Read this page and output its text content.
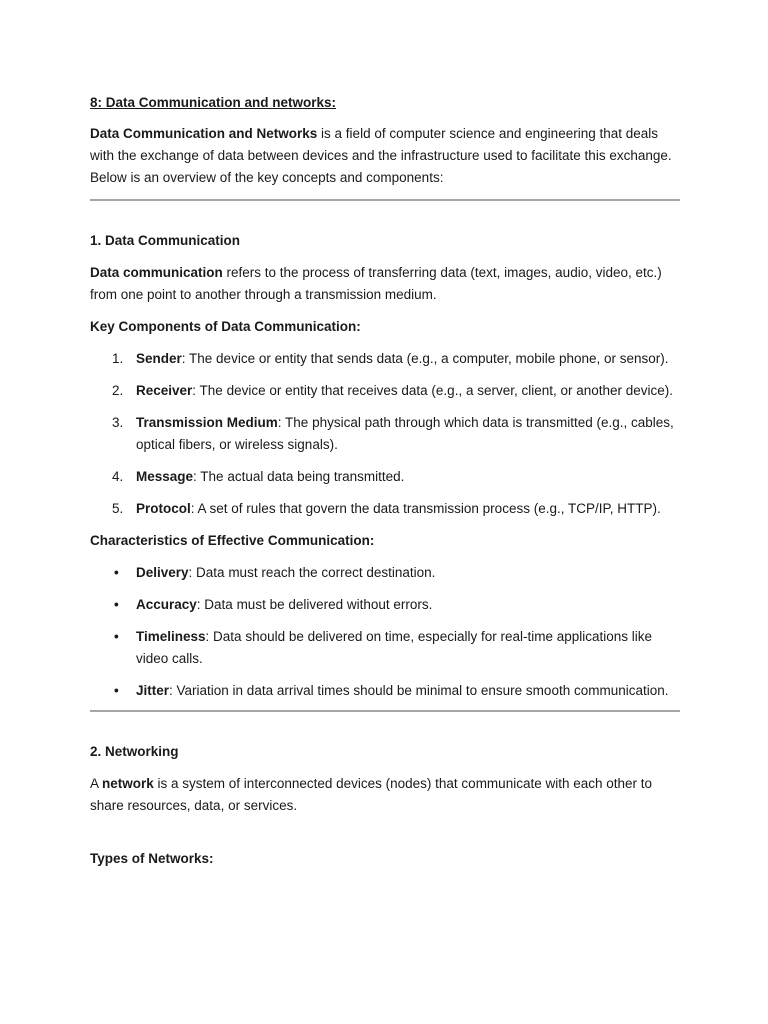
8: Data Communication and networks:

Data Communication and Networks is a field of computer science and engineering that deals with the exchange of data between devices and the infrastructure used to facilitate this exchange. Below is an overview of the key concepts and components:

1. Data Communication

Data communication refers to the process of transferring data (text, images, audio, video, etc.) from one point to another through a transmission medium.

Key Components of Data Communication:
1. Sender: The device or entity that sends data (e.g., a computer, mobile phone, or sensor).
2. Receiver: The device or entity that receives data (e.g., a server, client, or another device).
3. Transmission Medium: The physical path through which data is transmitted (e.g., cables, optical fibers, or wireless signals).
4. Message: The actual data being transmitted.
5. Protocol: A set of rules that govern the data transmission process (e.g., TCP/IP, HTTP).
Characteristics of Effective Communication:
• Delivery: Data must reach the correct destination.
• Accuracy: Data must be delivered without errors.
• Timeliness: Data should be delivered on time, especially for real-time applications like video calls.
• Jitter: Variation in data arrival times should be minimal to ensure smooth communication.
2. Networking

A network is a system of interconnected devices (nodes) that communicate with each other to share resources, data, or services.

Types of Networks:
